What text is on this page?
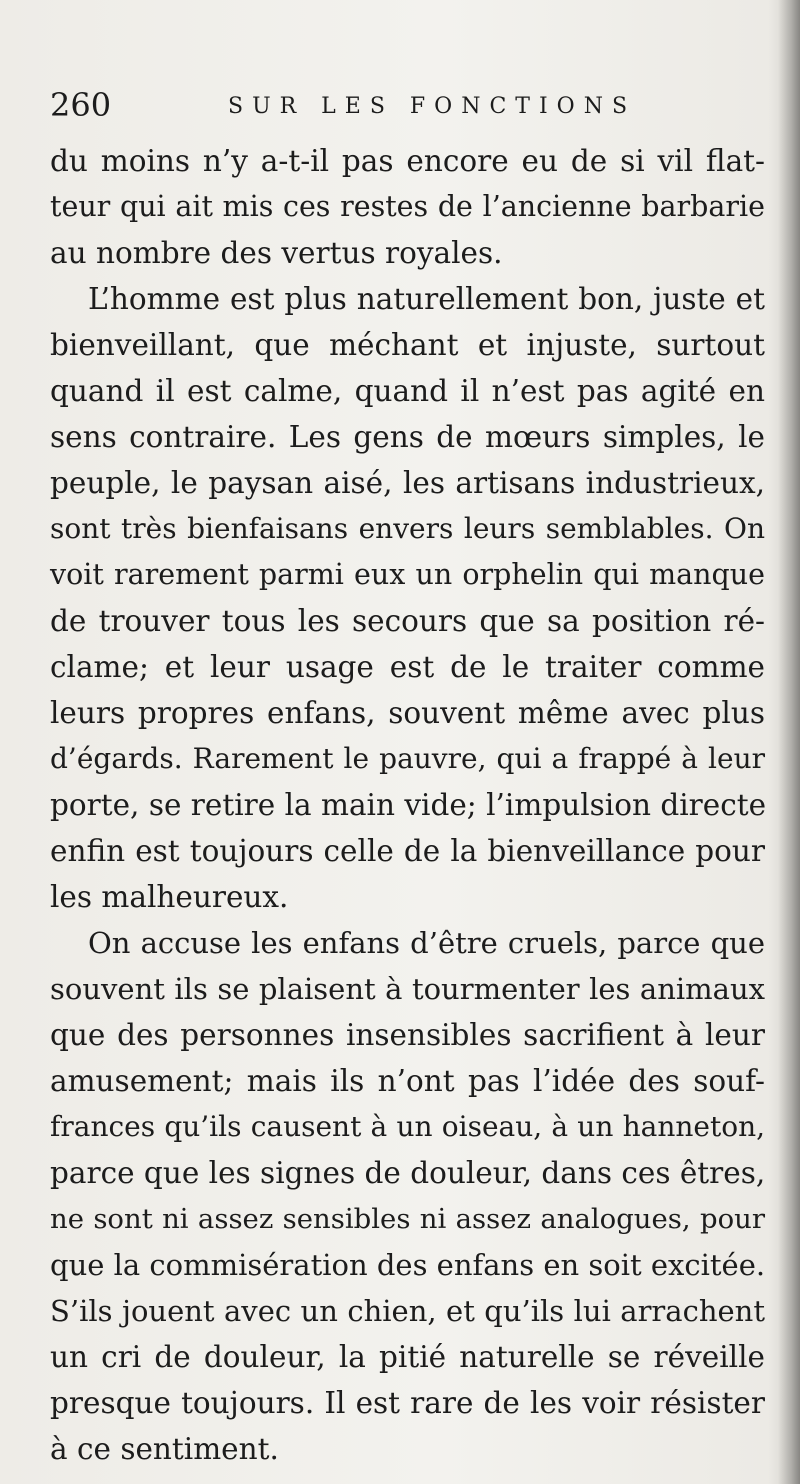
260	SUR LES FONCTIONS
du moins n’y a-t-il pas encore eu de si vil flat-
teur qui ait mis ces restes de l’ancienne barbarie
au nombre des vertus royales.
L’homme est plus naturellement bon, juste et
bienveillant, que méchant et injuste, surtout
quand il est calme, quand il n’est pas agité en
sens contraire. Les gens de mœurs simples, le
peuple, le paysan aisé, les artisans industrieux,
sont très bienfaisans envers leurs semblables. On
voit rarement parmi eux un orphelin qui manque
de trouver tous les secours que sa position ré-
clame; et leur usage est de le traiter comme
leurs propres enfans, souvent même avec plus
d’égards. Rarement le pauvre, qui a frappé à leur
porte, se retire la main vide; l’impulsion directe
enfin est toujours celle de la bienveillance pour
les malheureux.
On accuse les enfans d’être cruels, parce que
souvent ils se plaisent à tourmenter les animaux
que des personnes insensibles sacrifient à leur
amusement; mais ils n’ont pas l’idée des souf-
frances qu’ils causent à un oiseau, à un hanneton,
parce que les signes de douleur, dans ces êtres,
ne sont ni assez sensibles ni assez analogues, pour
que la commisération des enfans en soit excitée.
S’ils jouent avec un chien, et qu’ils lui arrachent
un cri de douleur, la pitié naturelle se réveille
presque toujours. Il est rare de les voir résister
à ce sentiment.
